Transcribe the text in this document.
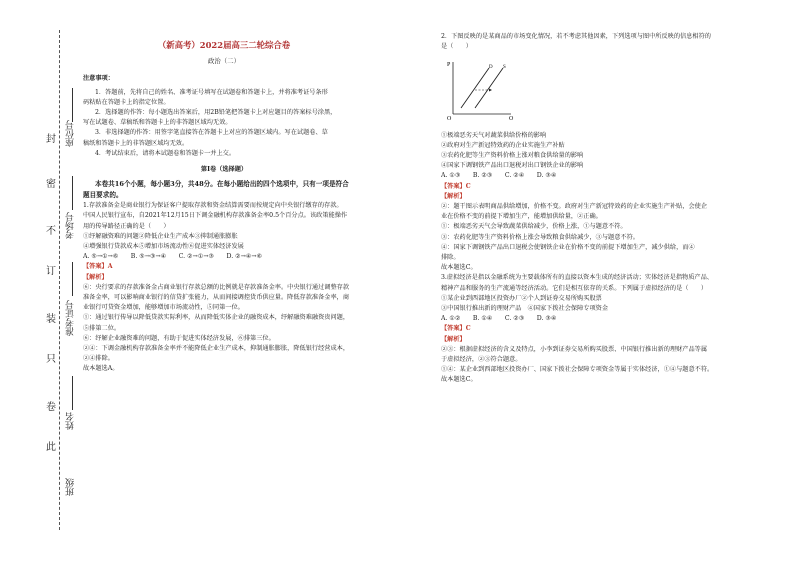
封
密
不
订
装
只
卷
此
座位号
考场号
准考证号
姓名
班级
（新高考）2022届高三二轮综合卷
政治（二）
注意事项：
1．答题前，先将自己的姓名、准考证号填写在试题卷和答题卡上，并将准考证号条形
码粘贴在答题卡上的指定位置。
2．选择题的作答：每小题选出答案后，用2B铅笔把答题卡上对应题目的答案标号涂黑，
写在试题卷、草稿纸和答题卡上的非答题区域均无效。
3．非选择题的作答：用签字笔直接答在答题卡上对应的答题区域内。写在试题卷、草
稿纸和答题卡上的非答题区域均无效。
4．考试结束后，请将本试题卷和答题卡一并上交。
第Ⅰ卷（选择题）
本卷共16个小题，每小题3分，共48分。在每小题给出的四个选项中，只有一项是符合
题目要求的。
1.存款准备金是商业银行为保证客户提取存款和资金结算需要而按规定向中央银行缴存的存款。
中国人民银行宣布，自2021年12月15日下调金融机构存款准备金率0.5个百分点。该政策能操作
用的传导路径正确的是（　　）
①纾解融资难的问题②降低企业生产成本③抑制通胀膨胀
④增强银行贷款成本⑤增加市场流动性⑥促进实体经济发展
A. ⑤→①→⑥　　B. ⑤→③→④　　C. ②→①→③　　D. ②→④→⑥
【答案】A
【解析】
⑥：央行要求的存款准备金占商业银行存款总额的比例就是存款准备金率。中央银行通过调整存款
准备金率，可以影响商业银行的信贷扩张能力，从而间接调控货币供应量。降低存款准备金率，商
业银行可贷资金增加，能够增加市场流动性，⑤同第一位。
①：通过银行传导以降低贷款实际利率，从而降低实体企业的融资成本，纾解融资难融资贵问题，
⑤排第二位。
⑥：纾解企业融资难的问题，有助于促进实体经济发展，⑥排第三位。
②④：下调金融机构存款准备金率并不能降低企业生产成本，抑制通胀膨胀，降低银行经营成本，
②④排除。
故本题选A。
2．下图反映的是某商品的市场变化情况，若不考虑其他因素，下列选项与图中所反映的信息相符的
是（　　）
P
Q
O
S
D
①极端恶劣天气对蔬菜供给价格的影响
②政府对生产新冠特效药的企业实施生产补贴
③农药化肥等生产资料价格上涨对粮食供给量的影响
④国家下调钢铁产品出口退税对出口钢铁企业的影响
A. ①③　　B. ②③　　C. ②④　　D. ③④
【答案】C
【解析】
②：题干图示表明商品供给增加，价格不变。政府对生产新冠特效药的企业实施生产补贴，会使企
业在价格不变的前提下增加生产，能增加供给量，②正确。
①：极端恶劣天气会导致蔬菜供给减少，价格上涨，①与题意不符。
③：农药化肥等生产资料价格上涨会导致粮食供给减少，③与题意不符。
④：国家下调钢铁产品出口退税会使钢铁企业在价格不变的前提下增加生产，减少供给，而④
排除。
故本题选C。
3.虚拟经济是指以金融系统为主要载体所有的直接以资本生成的经济活动；实体经济是指物质产品、
精神产品和服务的生产流通等经济活动。它们是相互依存的关系。下列属于虚拟经济的是（　　）
①某企业到西部地区投资办厂②个人到证券交易所购买股票
③中国银行推出新的理财产品　④国家下拨社会保障专项资金
A. ①②　　B. ①④　　C. ②③　　D. ③④
【答案】C
【解析】
②③：根据虚拟经济的含义及特点，小李到证券交易所购买股票、中国银行推出新的理财产品等属
于虚拟经济，②③符合题意。
①④：某企业到西部地区投资办厂、国家下拨社会保障专项资金等属于实体经济，①④与题意不符。
故本题选C。
